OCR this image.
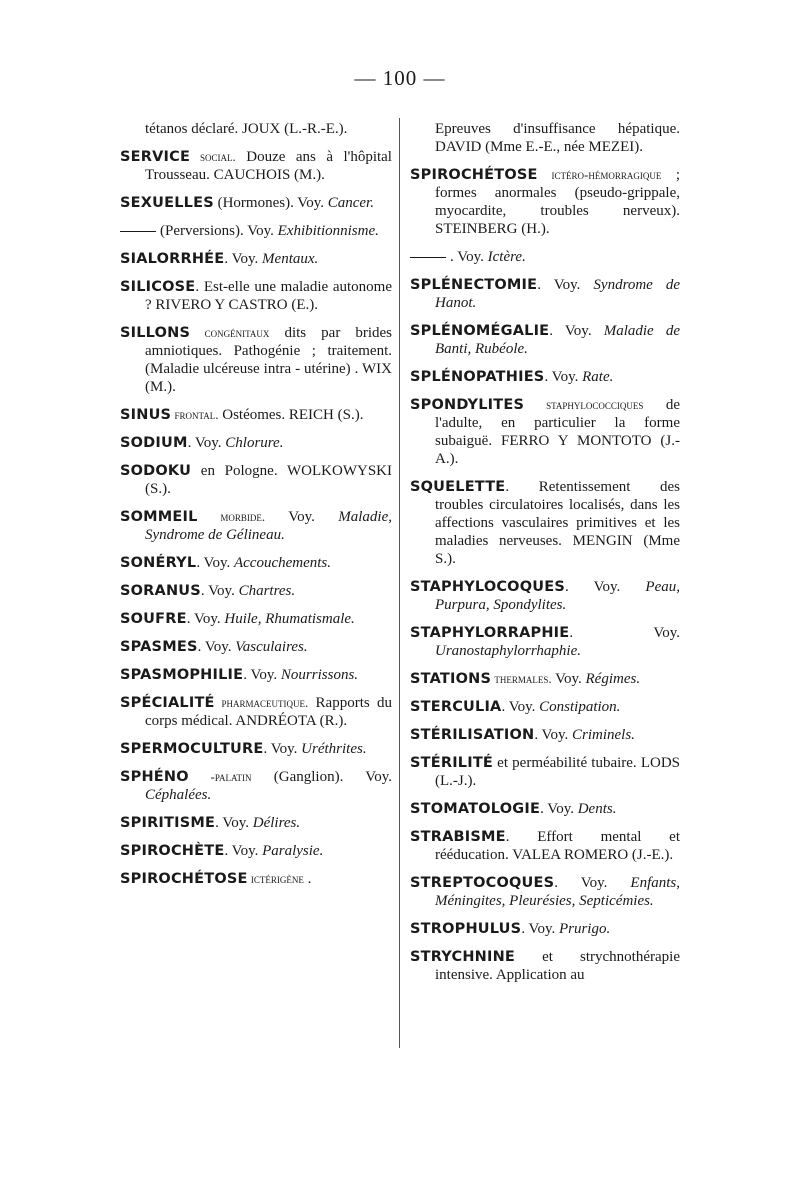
— 100 —

tétanos déclaré. JOUX (L.-R.-E.).

SERVICE social. Douze ans à l'hôpital Trousseau. CAUCHOIS (M.).

SEXUELLES (Hormones). Voy. Cancer.

(Perversions). Voy. Exhibitionnisme.

SIALORRHÉE. Voy. Mentaux.

SILICOSE. Est-elle une maladie autonome ? RIVERO Y CASTRO (E.).

SILLONS congénitaux dits par brides amniotiques. Pathogénie ; traitement. (Maladie ulcéreuse intra - utérine) . WIX (M.).

SINUS frontal. Ostéomes. REICH (S.).

SODIUM. Voy. Chlorure.

SODOKU en Pologne. WOLKOWYSKI (S.).

SOMMEIL morbide. Voy. Maladie, Syndrome de Gélineau.

SONÉRYL. Voy. Accouchements.

SORANUS. Voy. Chartres.

SOUFRE. Voy. Huile, Rhumatismale.

SPASMES. Voy. Vasculaires.

SPASMOPHILIE. Voy. Nourrissons.

SPÉCIALITÉ pharmaceutique. Rapports du corps médical. ANDRÉOTA (R.).

SPERMOCULTURE. Voy. Uréthrites.

SPHÉNO -palatin (Ganglion). Voy. Céphalées.

SPIRITISME. Voy. Délires.

SPIROCHÈTE. Voy. Paralysie.

SPIROCHÉTOSE ictérigène .

Epreuves d'insuffisance hépatique. DAVID (Mme E.-E., née MEZEI).

SPIROCHÉTOSE ictéro-hémorragique ; formes anormales (pseudo-grippale, myocardite, troubles nerveux). STEINBERG (H.).

. Voy. Ictère.

SPLÉNECTOMIE. Voy. Syndrome de Hanot.

SPLÉNOMÉGALIE. Voy. Maladie de Banti, Rubéole.

SPLÉNOPATHIES. Voy. Rate.

SPONDYLITES staphylococciques de l'adulte, en particulier la forme subaiguë. FERRO Y MONTOTO (J.-A.).

SQUELETTE. Retentissement des troubles circulatoires localisés, dans les affections vasculaires primitives et les maladies nerveuses. MENGIN (Mme S.).

STAPHYLOCOQUES. Voy. Peau, Purpura, Spondylites.

STAPHYLORRAPHIE. Voy. Uranostaphylorrhaphie.

STATIONS thermales. Voy. Régimes.

STERCULIA. Voy. Constipation.

STÉRILISATION. Voy. Criminels.

STÉRILITÉ et perméabilité tubaire. LODS (L.-J.).

STOMATOLOGIE. Voy. Dents.

STRABISME. Effort mental et rééducation. VALEA ROMERO (J.-E.).

STREPTOCOQUES. Voy. Enfants, Méningites, Pleurésies, Septicémies.

STROPHULUS. Voy. Prurigo.

STRYCHNINE et strychnothérapie intensive. Application au
